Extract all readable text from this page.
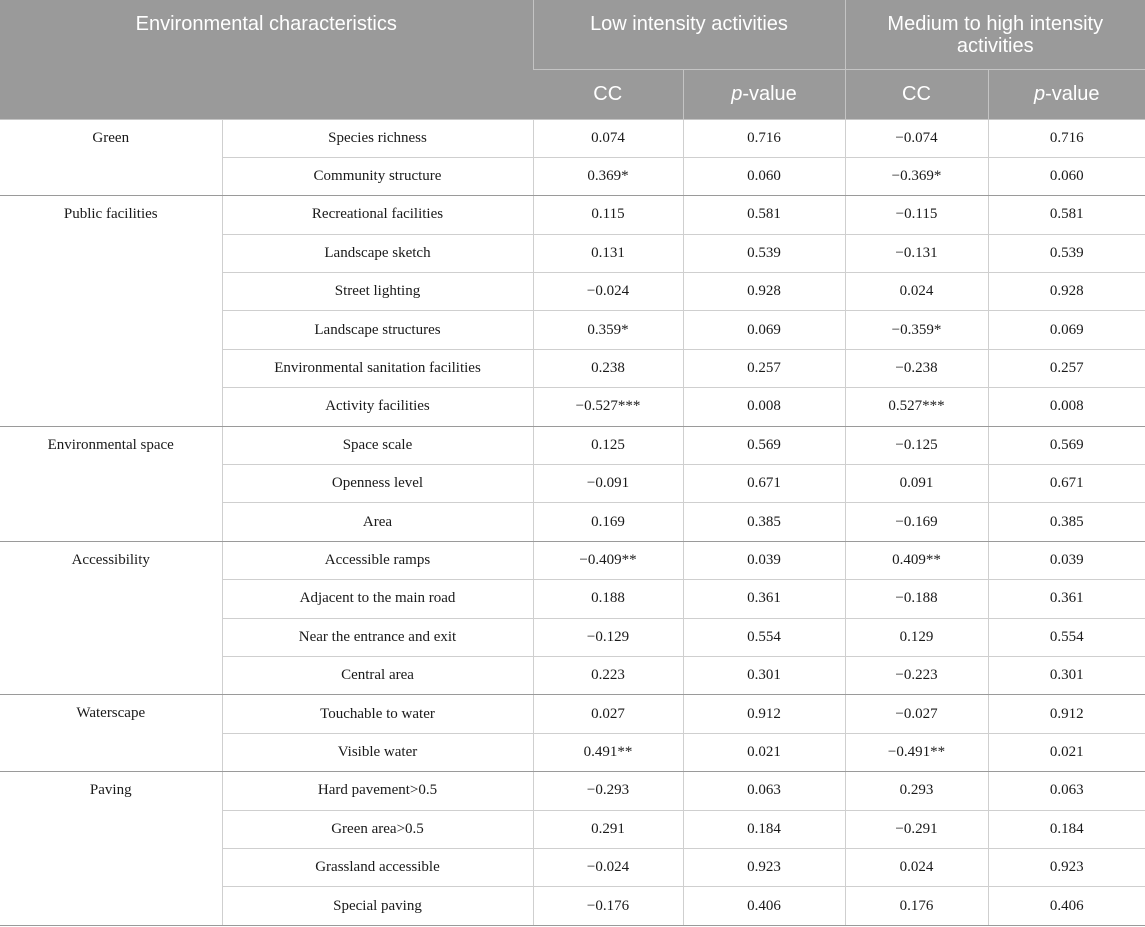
Environmental characteristics		Low intensity activities		Medium to high intensity activities	
		CC	p-value	CC	p-value
Green	Species richness	0.074	0.716	−0.074	0.716
	Community structure	0.369*	0.060	−0.369*	0.060
Public facilities	Recreational facilities	0.115	0.581	−0.115	0.581
	Landscape sketch	0.131	0.539	−0.131	0.539
	Street lighting	−0.024	0.928	0.024	0.928
	Landscape structures	0.359*	0.069	−0.359*	0.069
	Environmental sanitation facilities	0.238	0.257	−0.238	0.257
	Activity facilities	−0.527***	0.008	0.527***	0.008
Environmental space	Space scale	0.125	0.569	−0.125	0.569
	Openness level	−0.091	0.671	0.091	0.671
	Area	0.169	0.385	−0.169	0.385
Accessibility	Accessible ramps	−0.409**	0.039	0.409**	0.039
	Adjacent to the main road	0.188	0.361	−0.188	0.361
	Near the entrance and exit	−0.129	0.554	0.129	0.554
	Central area	0.223	0.301	−0.223	0.301
Waterscape	Touchable to water	0.027	0.912	−0.027	0.912
	Visible water	0.491**	0.021	−0.491**	0.021
Paving	Hard pavement>0.5	−0.293	0.063	0.293	0.063
	Green area>0.5	0.291	0.184	−0.291	0.184
	Grassland accessible	−0.024	0.923	0.024	0.923
	Special paving	−0.176	0.406	0.176	0.406
